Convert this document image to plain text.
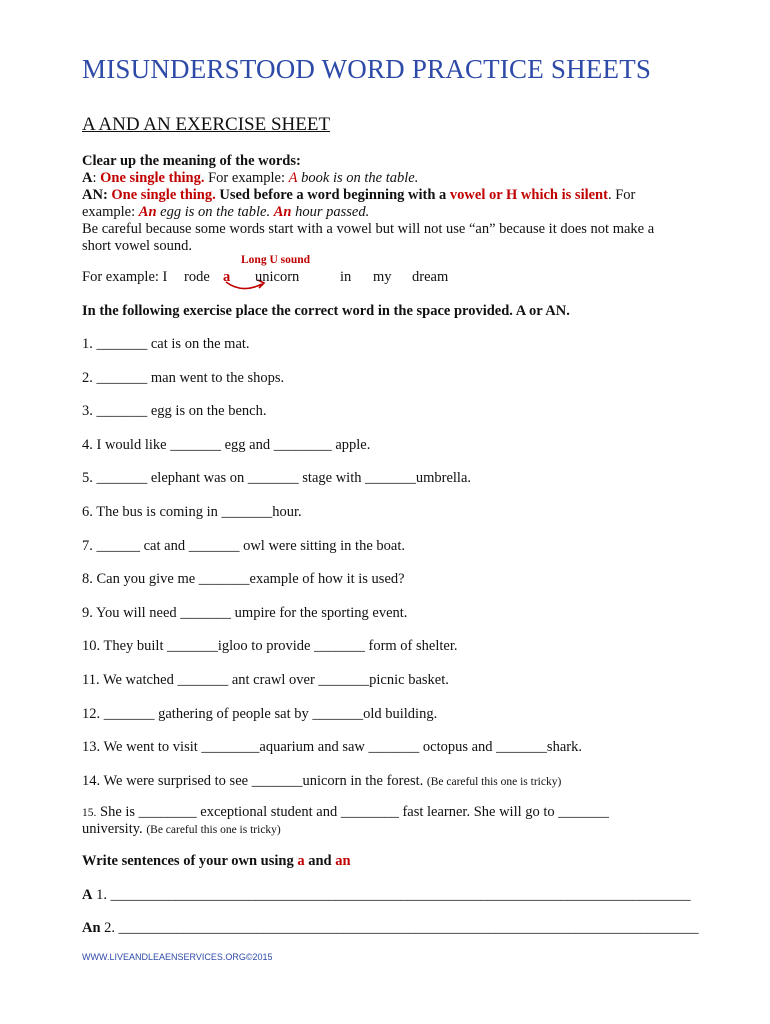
MISUNDERSTOOD WORD PRACTICE SHEETS
A AND AN EXERCISE SHEET
Clear up the meaning of the words:
A: One single thing. For example: A book is on the table.
AN: One single thing. Used before a word beginning with a vowel or H which is silent. For
example: An egg is on the table. An hour passed.
Be careful because some words start with a vowel but will not use “an” because it does not make a
short vowel sound.
Long U sound
For example: I rode a unicorn	in my dream
In the following exercise place the correct word in the space provided. A or AN.
1. _______ cat is on the mat.
2. _______ man went to the shops.
3. _______ egg is on the bench.
4. I would like _______ egg and ________ apple.
5. _______ elephant was on _______ stage with _______umbrella.
6. The bus is coming in _______hour.
7. ______ cat and _______ owl were sitting in the boat.
8. Can you give me _______example of how it is used?
9. You will need _______ umpire for the sporting event.
10. They built _______igloo to provide _______ form of shelter.
11. We watched _______ ant crawl over _______picnic basket.
12. _______ gathering of people sat by _______old building.
13. We went to visit ________aquarium and saw _______ octopus and _______shark.
14. We were surprised to see _______unicorn in the forest. (Be careful this one is tricky)
15. She is ________ exceptional student and ________ fast learner. She will go to _______
university. (Be careful this one is tricky)
Write sentences of your own using a and an
A 1. ________________________________________________________________________________
An 2. ________________________________________________________________________________
WWW.LIVEANDLEAENSERVICES.ORG©2015
